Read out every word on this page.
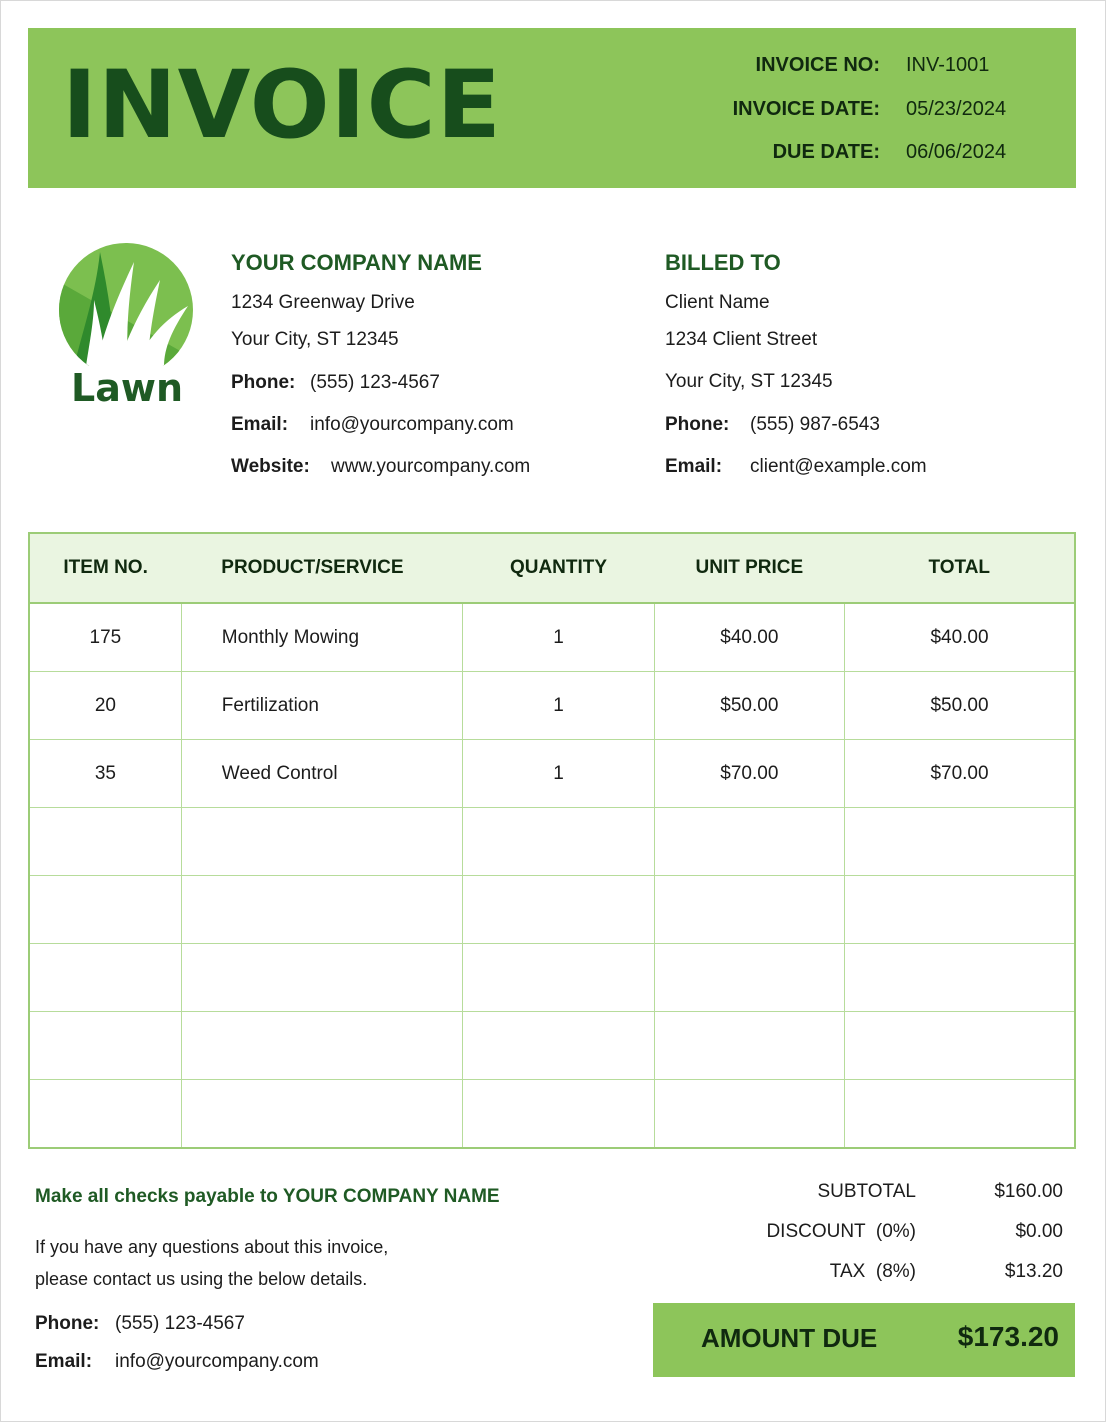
INVOICE	INVOICE NO: INV-1001
INVOICE DATE: 05/23/2024
DUE DATE: 06/06/2024
Lawn
YOUR COMPANY NAME
1234 Greenway Drive
Your City, ST 12345
Phone: (555) 123-4567
Email: info@yourcompany.com
Website: www.yourcompany.com
BILLED TO
Client Name
1234 Client Street
Your City, ST 12345
Phone: (555) 987-6543
Email: client@example.com
ITEM NO.	PRODUCT/SERVICE	QUANTITY	UNIT PRICE	TOTAL
175	Monthly Mowing	1	$40.00	$40.00
20	Fertilization	1	$50.00	$50.00
35	Weed Control	1	$70.00	$70.00

Make all checks payable to YOUR COMPANY NAME
If you have any questions about this invoice,
please contact us using the below details.
Phone: (555) 123-4567
Email: info@yourcompany.com
SUBTOTAL	$160.00
DISCOUNT  (0%)	$0.00
TAX  (8%)	$13.20
AMOUNT DUE	$173.20
